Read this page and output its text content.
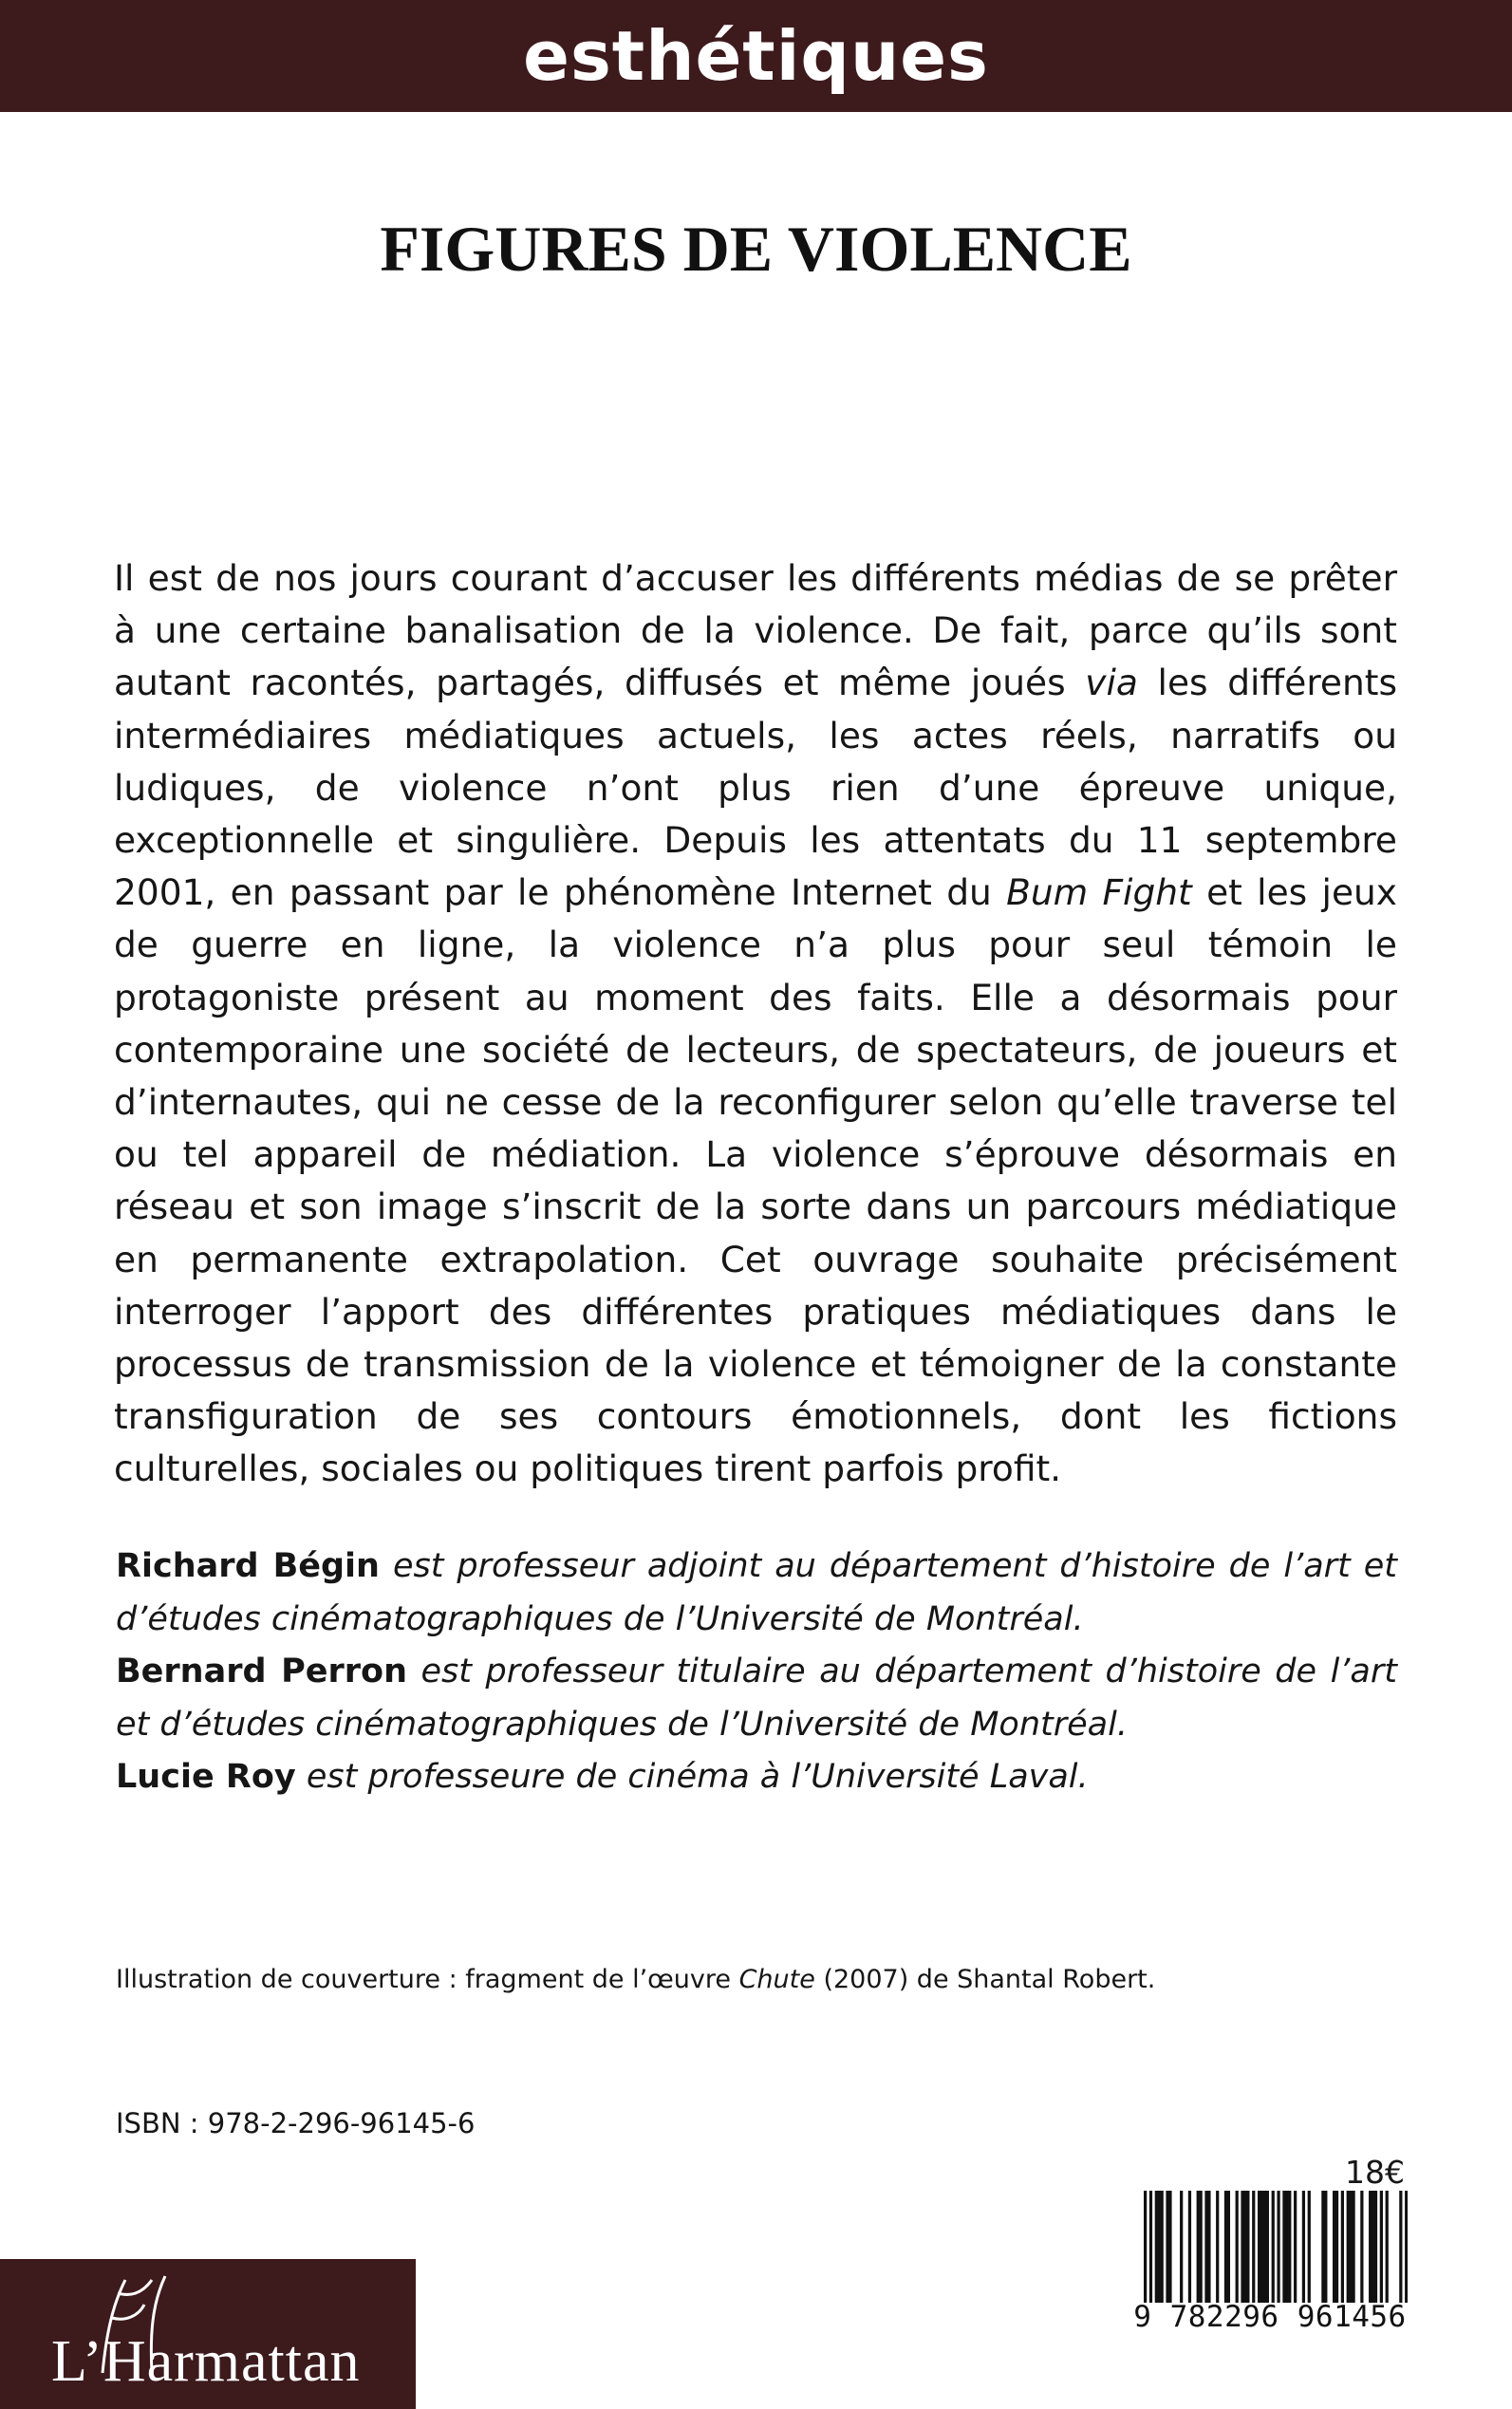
esthétiques
FIGURES DE VIOLENCE

Il est de nos jours courant d’accuser les différents médias de se prêter à une certaine banalisation de la violence. De fait, parce qu’ils sont autant racontés, partagés, diffusés et même joués via les différents intermédiaires médiatiques actuels, les actes réels, narratifs ou ludiques, de violence n’ont plus rien d’une épreuve unique, exceptionnelle et singulière. Depuis les attentats du 11 septembre 2001, en passant par le phénomène Internet du Bum Fight et les jeux de guerre en ligne, la violence n’a plus pour seul témoin le protagoniste présent au moment des faits. Elle a désormais pour contemporaine une société de lecteurs, de spectateurs, de joueurs et d’internautes, qui ne cesse de la reconfigurer selon qu’elle traverse tel ou tel appareil de médiation. La violence s’éprouve désormais en réseau et son image s’inscrit de la sorte dans un parcours médiatique en permanente extrapolation. Cet ouvrage souhaite précisément interroger l’apport des différentes pratiques médiatiques dans le processus de transmission de la violence et témoigner de la constante transfiguration de ses contours émotionnels, dont les fictions culturelles, sociales ou politiques tirent parfois profit.

Richard Bégin est professeur adjoint au département d’histoire de l’art et d’études cinématographiques de l’Université de Montréal.

Bernard Perron est professeur titulaire au département d’histoire de l’art et d’études cinématographiques de l’Université de Montréal.

Lucie Roy est professeure de cinéma à l’Université Laval.

Illustration de couverture : fragment de l’œuvre Chute (2007) de Shantal Robert.
ISBN : 978-2-296-96145-6
18€
L’Harmattan
9 782296 961456
